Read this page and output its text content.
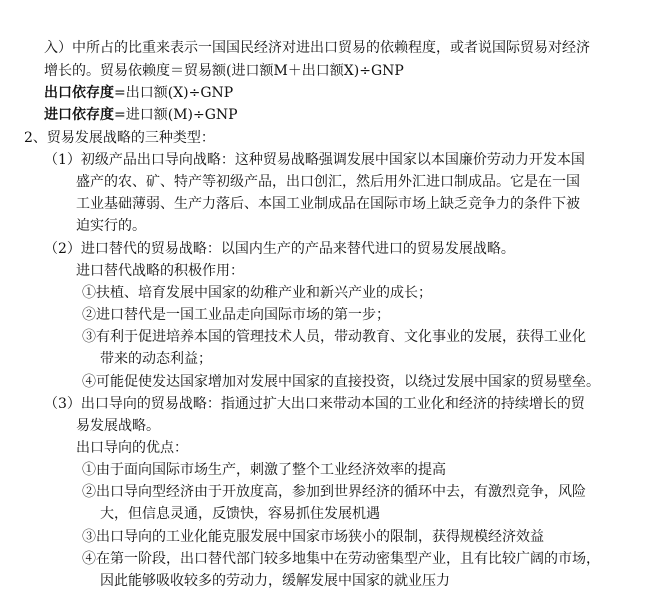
入）中所占的比重来表示一国国民经济对进出口贸易的依赖程度，或者说国际贸易对经济
增长的。贸易依赖度＝贸易额(进口额M＋出口额X)÷GNP
出口依存度=出口额(X)÷GNP
进口依存度=进口额(M)÷GNP
2、贸易发展战略的三种类型：
（1）初级产品出口导向战略：这种贸易战略强调发展中国家以本国廉价劳动力开发本国
盛产的农、矿、特产等初级产品，出口创汇，然后用外汇进口制成品。它是在一国
工业基础薄弱、生产力落后、本国工业制成品在国际市场上缺乏竞争力的条件下被
迫实行的。
（2）进口替代的贸易战略：以国内生产的产品来替代进口的贸易发展战略。
进口替代战略的积极作用：
①扶植、培育发展中国家的幼稚产业和新兴产业的成长；
②进口替代是一国工业品走向国际市场的第一步；
③有利于促进培养本国的管理技术人员，带动教育、文化事业的发展，获得工业化
带来的动态利益；
④可能促使发达国家增加对发展中国家的直接投资，以绕过发展中国家的贸易壁垒。
（3）出口导向的贸易战略：指通过扩大出口来带动本国的工业化和经济的持续增长的贸
易发展战略。
出口导向的优点：
①由于面向国际市场生产，刺激了整个工业经济效率的提高
②出口导向型经济由于开放度高，参加到世界经济的循环中去，有激烈竞争，风险
大，但信息灵通，反馈快，容易抓住发展机遇
③出口导向的工业化能克服发展中国家市场狭小的限制，获得规模经济效益
④在第一阶段，出口替代部门较多地集中在劳动密集型产业，且有比较广阔的市场，
因此能够吸收较多的劳动力，缓解发展中国家的就业压力
